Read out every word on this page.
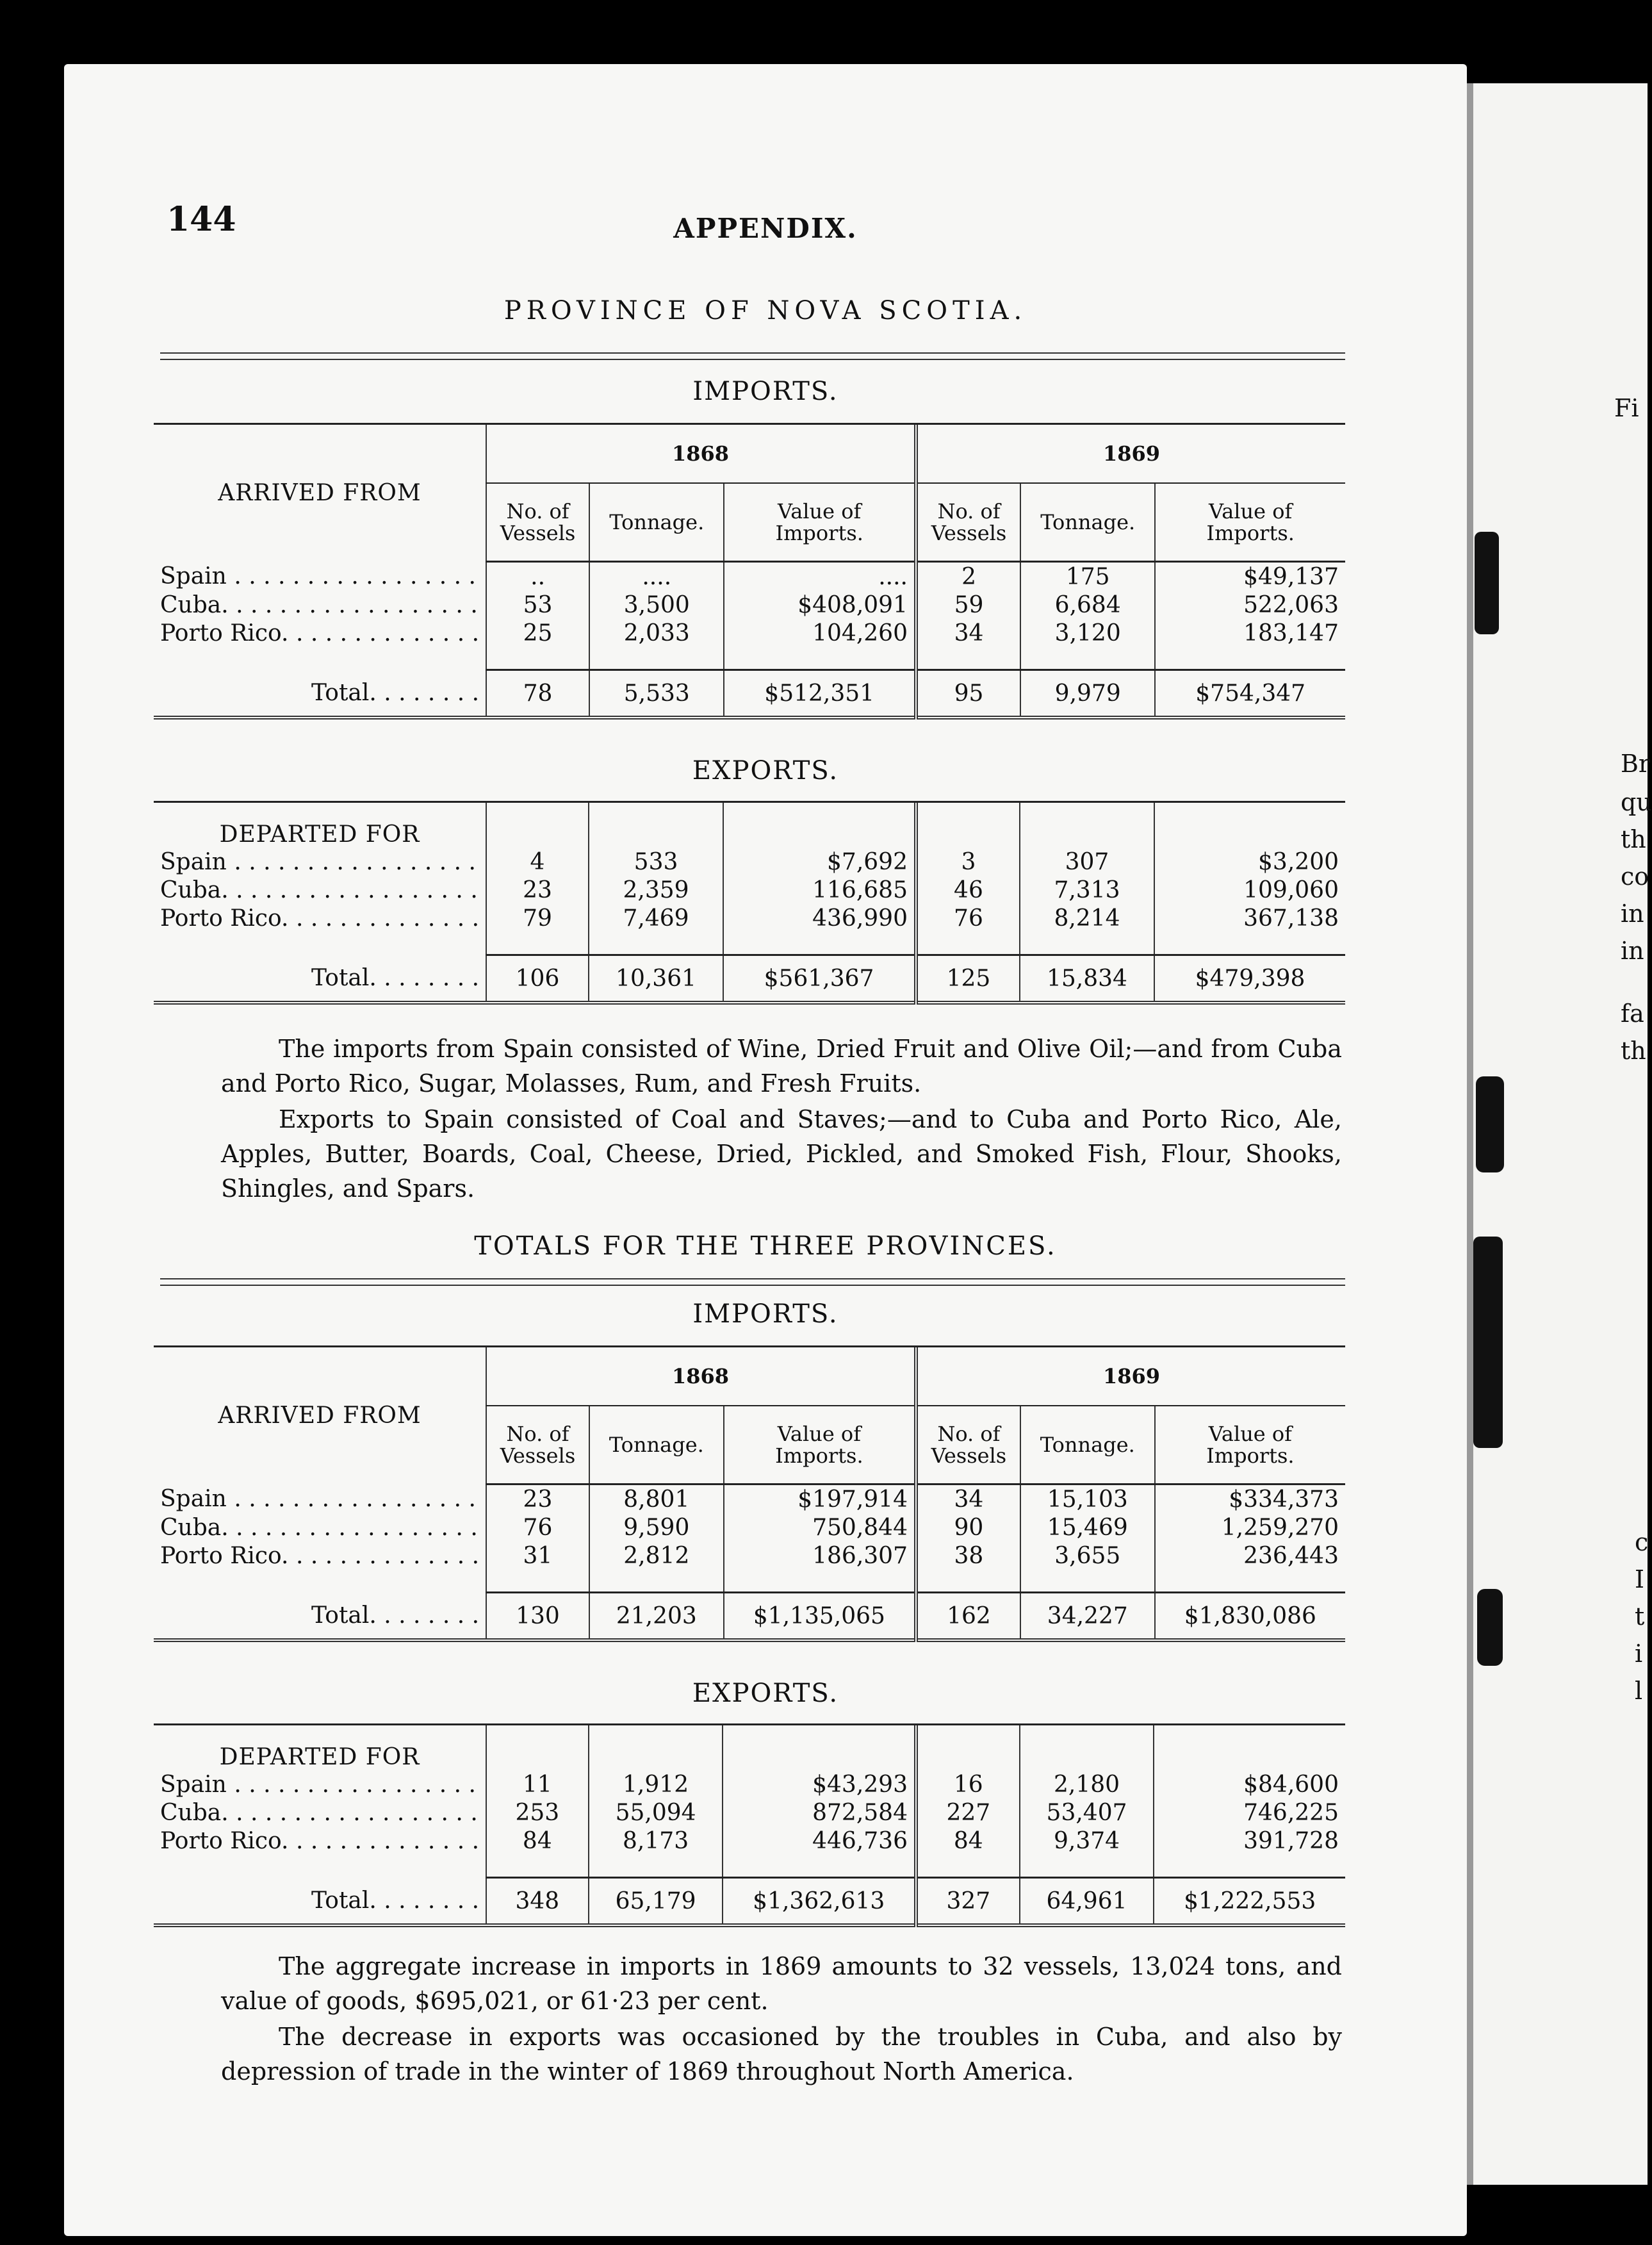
144	APPENDIX.
PROVINCE OF NOVA SCOTIA.
IMPORTS.

ARRIVED FROM	1868			1869		
	No. of Vessels	Tonnage.	Value of Imports.	No. of Vessels	Tonnage.	Value of Imports.
Spain . . . . . . . . . . . . . . . . .	..	....	....	2	175	$49,137
Cuba. . . . . . . . . . . . . . . . . .	53	3,500	$408,091	59	6,684	522,063
Porto Rico. . . . . . . . . . . . . .	25	2,033	104,260	34	3,120	183,147

Total. . . . . . . .	78	5,533	$512,351	95	9,979	$754,347

EXPORTS.

DEPARTED FOR						
Spain . . . . . . . . . . . . . . . . .	4	533	$7,692	3	307	$3,200
Cuba. . . . . . . . . . . . . . . . . .	23	2,359	116,685	46	7,313	109,060
Porto Rico. . . . . . . . . . . . . .	79	7,469	436,990	76	8,214	367,138

Total. . . . . . . .	106	10,361	$561,367	125	15,834	$479,398

The imports from Spain consisted of Wine, Dried Fruit and Olive Oil;—and from Cuba and Porto Rico, Sugar, Molasses, Rum, and Fresh Fruits.
Exports to Spain consisted of Coal and Staves;—and to Cuba and Porto Rico, Ale, Apples, Butter, Boards, Coal, Cheese, Dried, Pickled, and Smoked Fish, Flour, Shooks, Shingles, and Spars.
TOTALS FOR THE THREE PROVINCES.
IMPORTS.

ARRIVED FROM	1868			1869		
	No. of Vessels	Tonnage.	Value of Imports.	No. of Vessels	Tonnage.	Value of Imports.
Spain . . . . . . . . . . . . . . . . .	23	8,801	$197,914	34	15,103	$334,373
Cuba. . . . . . . . . . . . . . . . . .	76	9,590	750,844	90	15,469	1,259,270
Porto Rico. . . . . . . . . . . . . .	31	2,812	186,307	38	3,655	236,443

Total. . . . . . . .	130	21,203	$1,135,065	162	34,227	$1,830,086

EXPORTS.

DEPARTED FOR						
Spain . . . . . . . . . . . . . . . . .	11	1,912	$43,293	16	2,180	$84,600
Cuba. . . . . . . . . . . . . . . . . .	253	55,094	872,584	227	53,407	746,225
Porto Rico. . . . . . . . . . . . . .	84	8,173	446,736	84	9,374	391,728

Total. . . . . . . .	348	65,179	$1,362,613	327	64,961	$1,222,553

The aggregate increase in imports in 1869 amounts to 32 vessels, 13,024 tons, and value of goods, $695,021, or 61·23 per cent.
The decrease in exports was occasioned by the troubles in Cuba, and also by depression of trade in the winter of 1869 throughout North America.
Fi
Br
qu
th
co
in
in
fa
th
c
I
t
i
l
